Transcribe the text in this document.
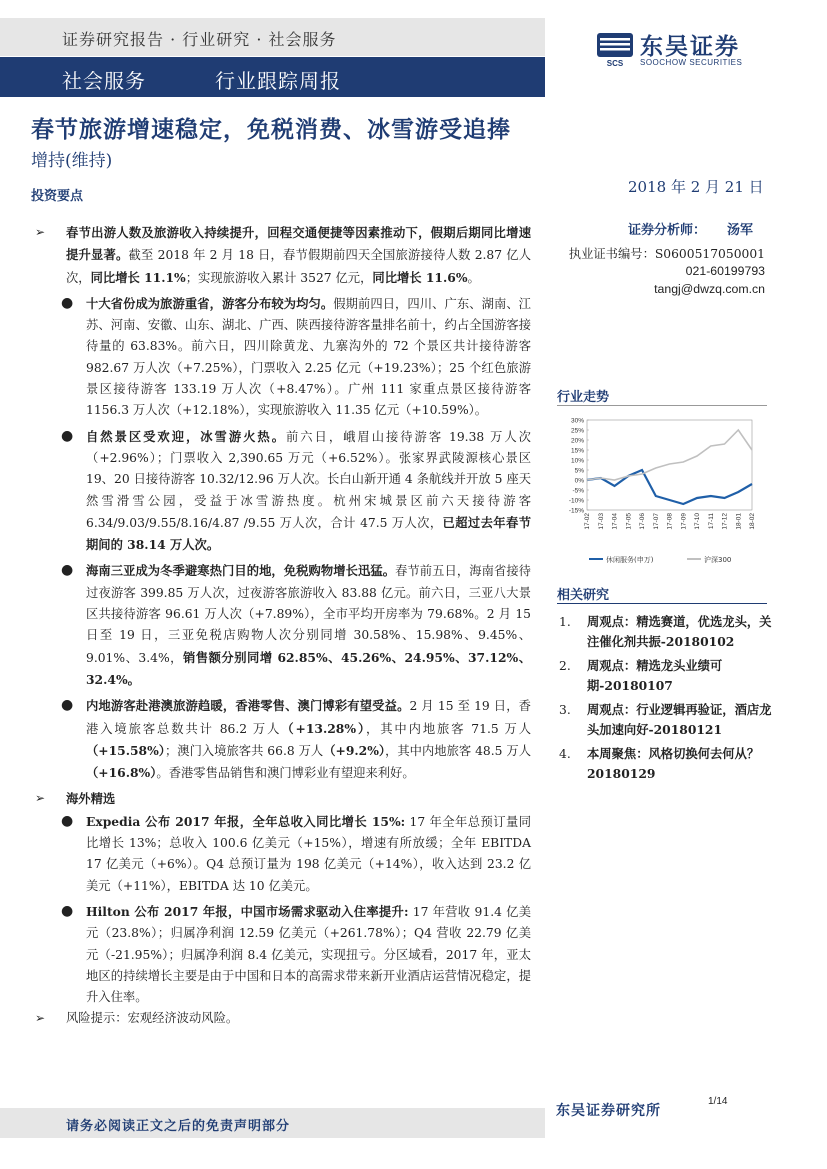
证券研究报告 · 行业研究 · 社会服务
社会服务	行业跟踪周报
SCS
东吴证券
SOOCHOW SECURITIES
春节旅游增速稳定，免税消费、冰雪游受追捧
增持(维持)
投资要点
➢ 春节出游人数及旅游收入持续提升，回程交通便捷等因素推动下，假期后期同比增速提升显著。截至 2018 年 2 月 18 日，春节假期前四天全国旅游接待人数 2.87 亿人次，同比增长 11.1%；实现旅游收入累计 3527 亿元，同比增长 11.6%。
● 十大省份成为旅游重省，游客分布较为均匀。假期前四日，四川、广东、湖南、江苏、河南、安徽、山东、湖北、广西、陕西接待游客量排名前十，约占全国游客接待量的 63.83%。前六日，四川除黄龙、九寨沟外的 72 个景区共计接待游客 982.67 万人次（+7.25%），门票收入 2.25 亿元（+19.23%）；25 个红色旅游景区接待游客 133.19 万人次（+8.47%）。广州 111 家重点景区接待游客 1156.3 万人次（+12.18%），实现旅游收入 11.35 亿元（+10.59%）。
● 自然景区受欢迎，冰雪游火热。前六日，峨眉山接待游客 19.38 万人次（+2.96%）；门票收入 2,390.65 万元（+6.52%）。张家界武陵源核心景区 19、20 日接待游客 10.32/12.96 万人次。长白山新开通 4 条航线并开放 5 座天然雪滑雪公园，受益于冰雪游热度。杭州宋城景区前六天接待游客 6.34/9.03/9.55/8.16/4.87 /9.55 万人次，合计 47.5 万人次，已超过去年春节期间的 38.14 万人次。
● 海南三亚成为冬季避寒热门目的地，免税购物增长迅猛。春节前五日，海南省接待过夜游客 399.85 万人次，过夜游客旅游收入 83.88 亿元。前六日，三亚八大景区共接待游客 96.61 万人次（+7.89%），全市平均开房率为 79.68%。2 月 15 日至 19 日，三亚免税店购物人次分别同增 30.58%、15.98%、9.45%、9.01%、3.4%，销售额分别同增 62.85%、45.26%、24.95%、37.12%、32.4%。
● 内地游客赴港澳旅游趋暖，香港零售、澳门博彩有望受益。2 月 15 至 19 日，香港入境旅客总数共计 86.2 万人（+13.28%），其中内地旅客 71.5 万人（+15.58%）；澳门入境旅客共 66.8 万人（+9.2%），其中内地旅客 48.5 万人（+16.8%）。香港零售品销售和澳门博彩业有望迎来利好。
➢ 海外精选
● Expedia 公布 2017 年报，全年总收入同比增长 15%: 17 年全年总预订量同比增长 13%；总收入 100.6 亿美元（+15%），增速有所放缓；全年 EBITDA 17 亿美元（+6%）。Q4 总预订量为 198 亿美元（+14%），收入达到 23.2 亿美元（+11%），EBITDA 达 10 亿美元。
● Hilton 公布 2017 年报，中国市场需求驱动入住率提升: 17 年营收 91.4 亿美元（23.8%）；归属净利润 12.59 亿美元（+261.78%）；Q4 营收 22.79 亿美元（-21.95%）；归属净利润 8.4 亿美元，实现扭亏。分区域看，2017 年，亚太地区的持续增长主要是由于中国和日本的高需求带来新开业酒店运营情况稳定，提升入住率。
➢ 风险提示：宏观经济波动风险。
2018 年 2 月 21 日
证券分析师： 汤军
执业证书编号：S0600517050001
021-60199793
tangj@dwzq.com.cn
行业走势
30%
25%
20%
15%
10%
5%
0%
-5%
-10%
-15%
17-02 17-03 17-04 17-05 17-06 17-07 17-08 17-09 17-10 17-11 17-12 18-01 18-02
休闲服务(申万)	沪深300
相关研究
1. 周观点：精选赛道，优选龙头，关注催化剂共振-20180102
2. 周观点：精选龙头业绩可期-20180107
3. 周观点：行业逻辑再验证，酒店龙头加速向好-20180121
4. 本周聚焦：风格切换何去何从？20180129
请务必阅读正文之后的免责声明部分
东吴证券研究所
1/14
